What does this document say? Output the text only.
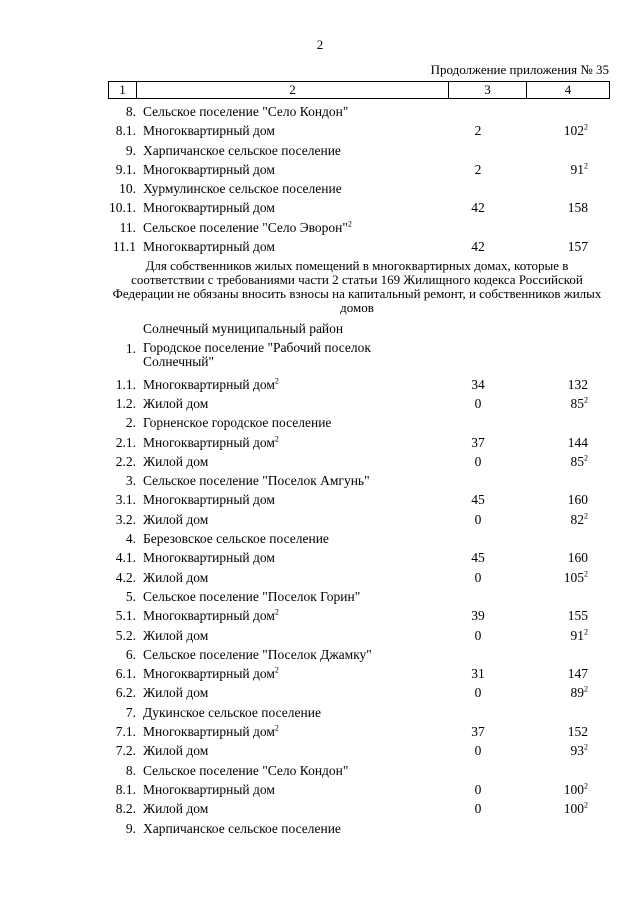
2
Продолжение приложения № 35
1	2	3	4
8. Сельское поселение "Село Кондон"
8.1. Многоквартирный дом	2	$102^2$
9. Харпичанское сельское поселение
9.1. Многоквартирный дом	2	$91^2$
10. Хурмулинское сельское поселение
10.1. Многоквартирный дом	42	158
11. Сельское поселение "Село Эворон"$^2$
11.1 Многоквартирный дом	42	157
Для собственников жилых помещений в многоквартирных домах, которые в соответствии с требованиями части 2 статьи 169 Жилищного кодекса Российской Федерации не обязаны вносить взносы на капитальный ремонт, и собственников жилых домов
Солнечный муниципальный район
1. Городское поселение "Рабочий поселок Солнечный"
1.1. Многоквартирный дом$^2$	34	132
1.2. Жилой дом	0	$85^2$
2. Горненское городское поселение
2.1. Многоквартирный дом$^2$	37	144
2.2. Жилой дом	0	$85^2$
3. Сельское поселение "Поселок Амгунь"
3.1. Многоквартирный дом	45	160
3.2. Жилой дом	0	$82^2$
4. Березовское сельское поселение
4.1. Многоквартирный дом	45	160
4.2. Жилой дом	0	$105^2$
5. Сельское поселение "Поселок Горин"
5.1. Многоквартирный дом$^2$	39	155
5.2. Жилой дом	0	$91^2$
6. Сельское поселение "Поселок Джамку"
6.1. Многоквартирный дом$^2$	31	147
6.2. Жилой дом	0	$89^2$
7. Дукинское сельское поселение
7.1. Многоквартирный дом$^2$	37	152
7.2. Жилой дом	0	$93^2$
8. Сельское поселение "Село Кондон"
8.1. Многоквартирный дом	0	$100^2$
8.2. Жилой дом	0	$100^2$
9. Харпичанское сельское поселение
